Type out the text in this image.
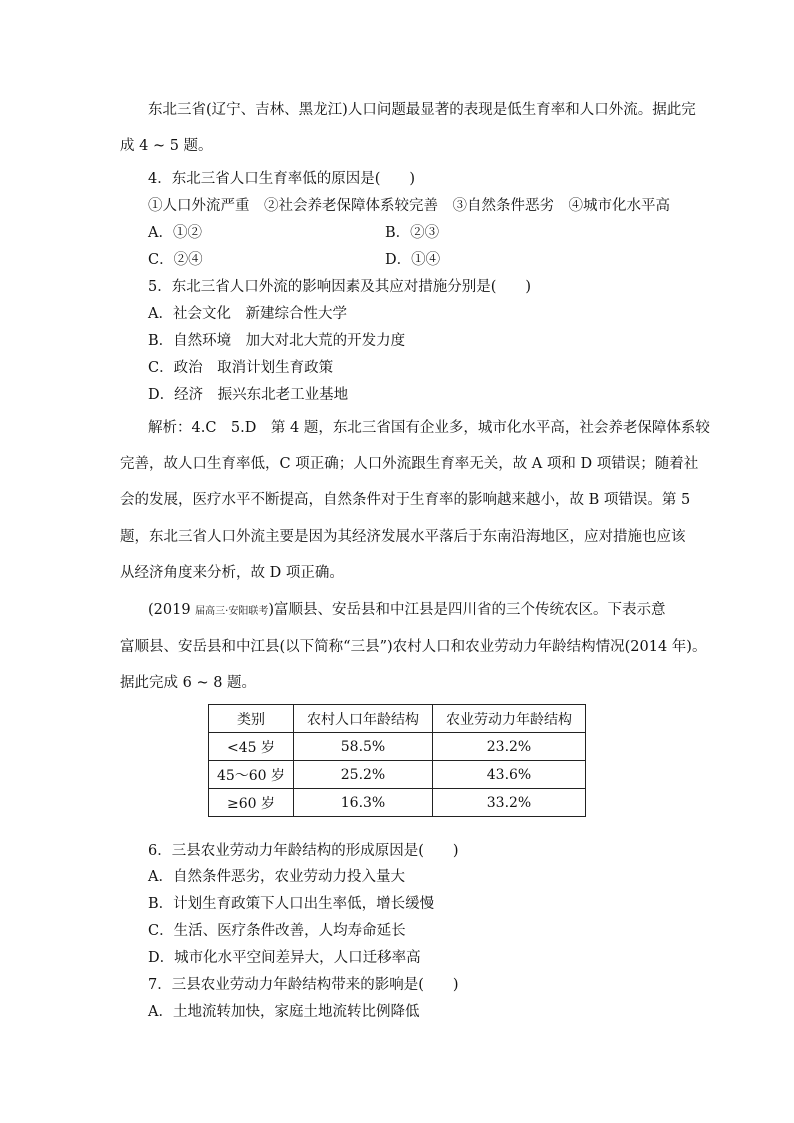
东北三省(辽宁、吉林、黑龙江)人口问题最显著的表现是低生育率和人口外流。据此完
成 4 ~ 5 题。
4．东北三省人口生育率低的原因是(　　)
①人口外流严重　②社会养老保障体系较完善　③自然条件恶劣　④城市化水平高
A．①②	B．②③
C．②④	D．①④
5．东北三省人口外流的影响因素及其应对措施分别是(　　)
A．社会文化　新建综合性大学
B．自然环境　加大对北大荒的开发力度
C．政治　取消计划生育政策
D．经济　振兴东北老工业基地
解析：4.C　5.D　第 4 题，东北三省国有企业多，城市化水平高，社会养老保障体系较
完善，故人口生育率低，C 项正确；人口外流跟生育率无关，故 A 项和 D 项错误；随着社
会的发展，医疗水平不断提高，自然条件对于生育率的影响越来越小，故 B 项错误。第 5
题，东北三省人口外流主要是因为其经济发展水平落后于东南沿海地区，应对措施也应该
从经济角度来分析，故 D 项正确。
(2019 届高三·安阳联考)富顺县、安岳县和中江县是四川省的三个传统农区。下表示意
富顺县、安岳县和中江县(以下简称“三县”)农村人口和农业劳动力年龄结构情况(2014 年)。
据此完成 6 ~ 8 题。
类别	农村人口年龄结构	农业劳动力年龄结构
<45 岁	58.5%	23.2%
45～60 岁	25.2%	43.6%
≥60 岁	16.3%	33.2%
6．三县农业劳动力年龄结构的形成原因是(　　)
A．自然条件恶劣，农业劳动力投入量大
B．计划生育政策下人口出生率低，增长缓慢
C．生活、医疗条件改善，人均寿命延长
D．城市化水平空间差异大，人口迁移率高
7．三县农业劳动力年龄结构带来的影响是(　　)
A．土地流转加快，家庭土地流转比例降低
